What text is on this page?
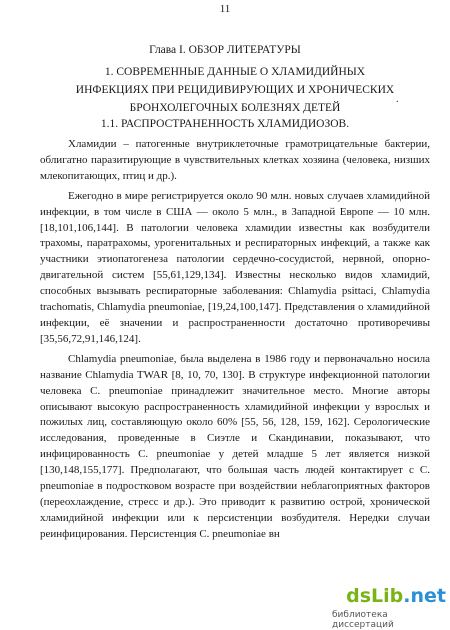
11
Глава I. ОБЗОР ЛИТЕРАТУРЫ
1. СОВРЕМЕННЫЕ ДАННЫЕ О ХЛАМИДИЙНЫХ ИНФЕКЦИЯХ ПРИ РЕЦИДИВИРУЮЩИХ И ХРОНИЧЕСКИХ БРОНХОЛЕГОЧНЫХ БОЛЕЗНЯХ ДЕТЕЙ
.
1.1. РАСПРОСТРАНЕННОСТЬ ХЛАМИДИОЗОВ.

Хламидии – патогенные внутриклеточные грамотрицательные бактерии, облигатно паразитирующие в чувствительных клетках хозяина (человека, низших млекопитающих, птиц и др.).

Ежегодно в мире регистрируется около 90 млн. новых случаев хламидийной инфекции, в том числе в США — около 5 млн., в Западной Европе — 10 млн. [18,101,106,144]. В патологии человека хламидии известны как возбудители трахомы, паратрахомы, урогенитальных и респираторных инфекций, а также как участники этиопатогенеза патологии сердечно-сосудистой, нервной, опорно-двигательной систем [55,61,129,134]. Известны несколько видов хламидий, способных вызывать респираторные заболевания: Chlamydia psittaci, Chlamydia trachomatis, Chlamydia pneumoniae, [19,24,100,147]. Представления о хламидийной инфекции, её значении и распространенности достаточно противоречивы [35,56,72,91,146,124].

Chlamydia pneumoniae, была выделена в 1986 году и первоначально носила название Chlamydia TWAR [8, 10, 70, 130]. В структуре инфекционной патологии человека C. pneumoniae принадлежит значительное место. Многие авторы описывают высокую распространенность хламидийной инфекции у взрослых и пожилых лиц, составляющую около 60% [55, 56, 128, 159, 162]. Серологические исследования, проведенные в Сиэтле и Скандинавии, показывают, что инфицированность C. pneumoniae у детей младше 5 лет является низкой [130,148,155,177]. Предполагают, что большая часть людей контактирует с C. pneumoniae в подростковом возрасте при воздействии неблагоприятных факторов (переохлаждение, стресс и др.). Это приводит к развитию острой, хронической хламидийной инфекции или к персистенции возбудителя. Нередки случаи реинфицирования. Персистенция C. pneumoniae вн

dsLib.net
библиотека диссертаций
